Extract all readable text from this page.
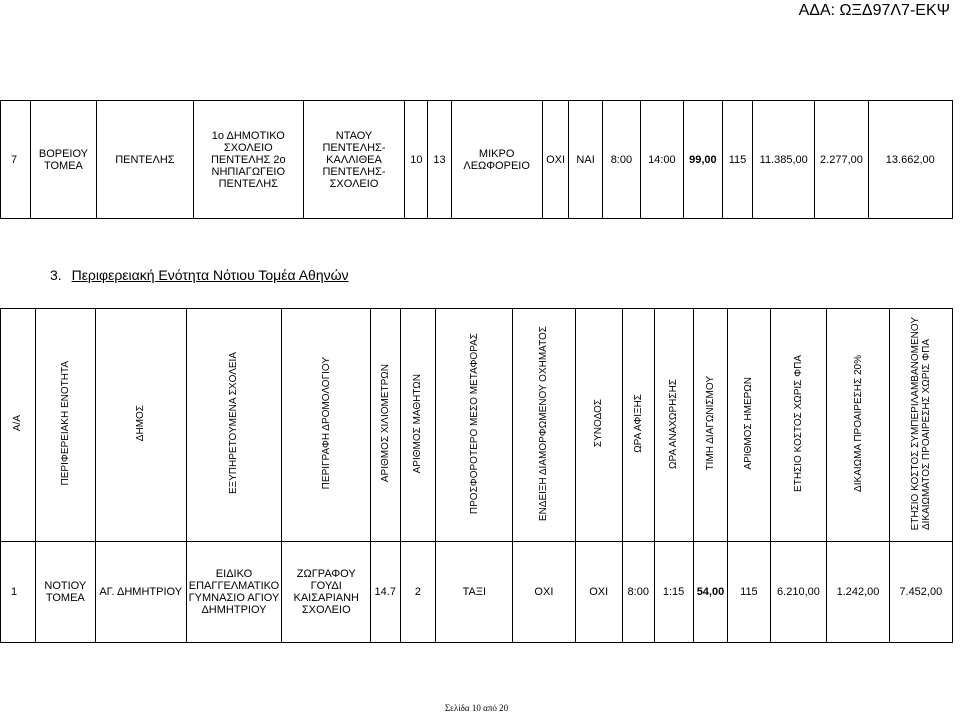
ΑΔΑ: ΩΞΔ97Λ7-ΕΚΨ
7	ΒΟΡΕΙΟΥ ΤΟΜΕΑ	ΠΕΝΤΕΛΗΣ	1ο ΔΗΜΟΤΙΚΟ ΣΧΟΛΕΙΟ ΠΕΝΤΕΛΗΣ 2ο ΝΗΠΙΑΓΩΓΕΙΟ ΠΕΝΤΕΛΗΣ	ΝΤΑΟΥ ΠΕΝΤΕΛΗΣ- ΚΑΛΛΙΘΕΑ ΠΕΝΤΕΛΗΣ- ΣΧΟΛΕΙΟ	10	13	ΜΙΚΡΟ ΛΕΩΦΟΡΕΙΟ	ΟΧΙ	ΝΑΙ	8:00	14:00	99,00	115	11.385,00	2.277,00	13.662,00
3. Περιφερειακή Ενότητα Νότιου Τομέα Αθηνών
Α/Α	ΠΕΡΙΦΕΡΕΙΑΚΗ ΕΝΟΤΗΤΑ	ΔΗΜΟΣ	ΕΞΥΠΗΡΕΤΟΥΜΕΝΑ ΣΧΟΛΕΙΑ	ΠΕΡΙΓΡΑΦΗ ΔΡΟΜΟΛΟΓΙΟΥ	ΑΡΙΘΜΟΣ ΧΙΛΙΟΜΕΤΡΩΝ	ΑΡΙΘΜΟΣ ΜΑΘΗΤΩΝ	ΠΡΟΣΦΟΡΟΤΕΡΟ ΜΕΣΟ ΜΕΤΑΦΟΡΑΣ	ΕΝΔΕΙΞΗ ΔΙΑΜΟΡΦΩΜΕΝΟΥ ΟΧΗΜΑΤΟΣ	ΣΥΝΟΔΟΣ	ΩΡΑ ΑΦΙΞΗΣ	ΩΡΑ ΑΝΑΧΩΡΗΣΗΣ	ΤΙΜΗ ΔΙΑΓΩΝΙΣΜΟΥ	ΑΡΙΘΜΟΣ ΗΜΕΡΩΝ	ΕΤΗΣΙΟ ΚΟΣΤΟΣ ΧΩΡΙΣ ΦΠΑ	ΔΙΚΑΙΩΜΑ ΠΡΟΑΙΡΕΣΗΣ 20%	ΕΤΗΣΙΟ ΚΟΣΤΟΣ ΣΥΜΠΕΡΙΛΑΜΒΑΝΟΜΕΝΟΥΔΙΚΑΙΩΜΑΤΟΣ ΠΡΟΑΙΡΕΣΗΣ ΧΩΡΙΣ ΦΠΑ
1	ΝΟΤΙΟΥ ΤΟΜΕΑ	ΑΓ. ΔΗΜΗΤΡΙΟΥ	ΕΙΔΙΚΟ ΕΠΑΓΓΕΛΜΑΤΙΚΟ ΓΥΜΝΑΣΙΟ ΑΓΙΟΥ ΔΗΜΗΤΡΙΟΥ	ΖΩΓΡΑΦΟΥ ΓΟΥΔΙ ΚΑΙΣΑΡΙΑΝΗ ΣΧΟΛΕΙΟ	14.7	2	ΤΑΞΙ	ΟΧΙ	ΟΧΙ	8:00	1:15	54,00	115	6.210,00	1.242,00	7.452,00
Σελίδα 10 από 20
